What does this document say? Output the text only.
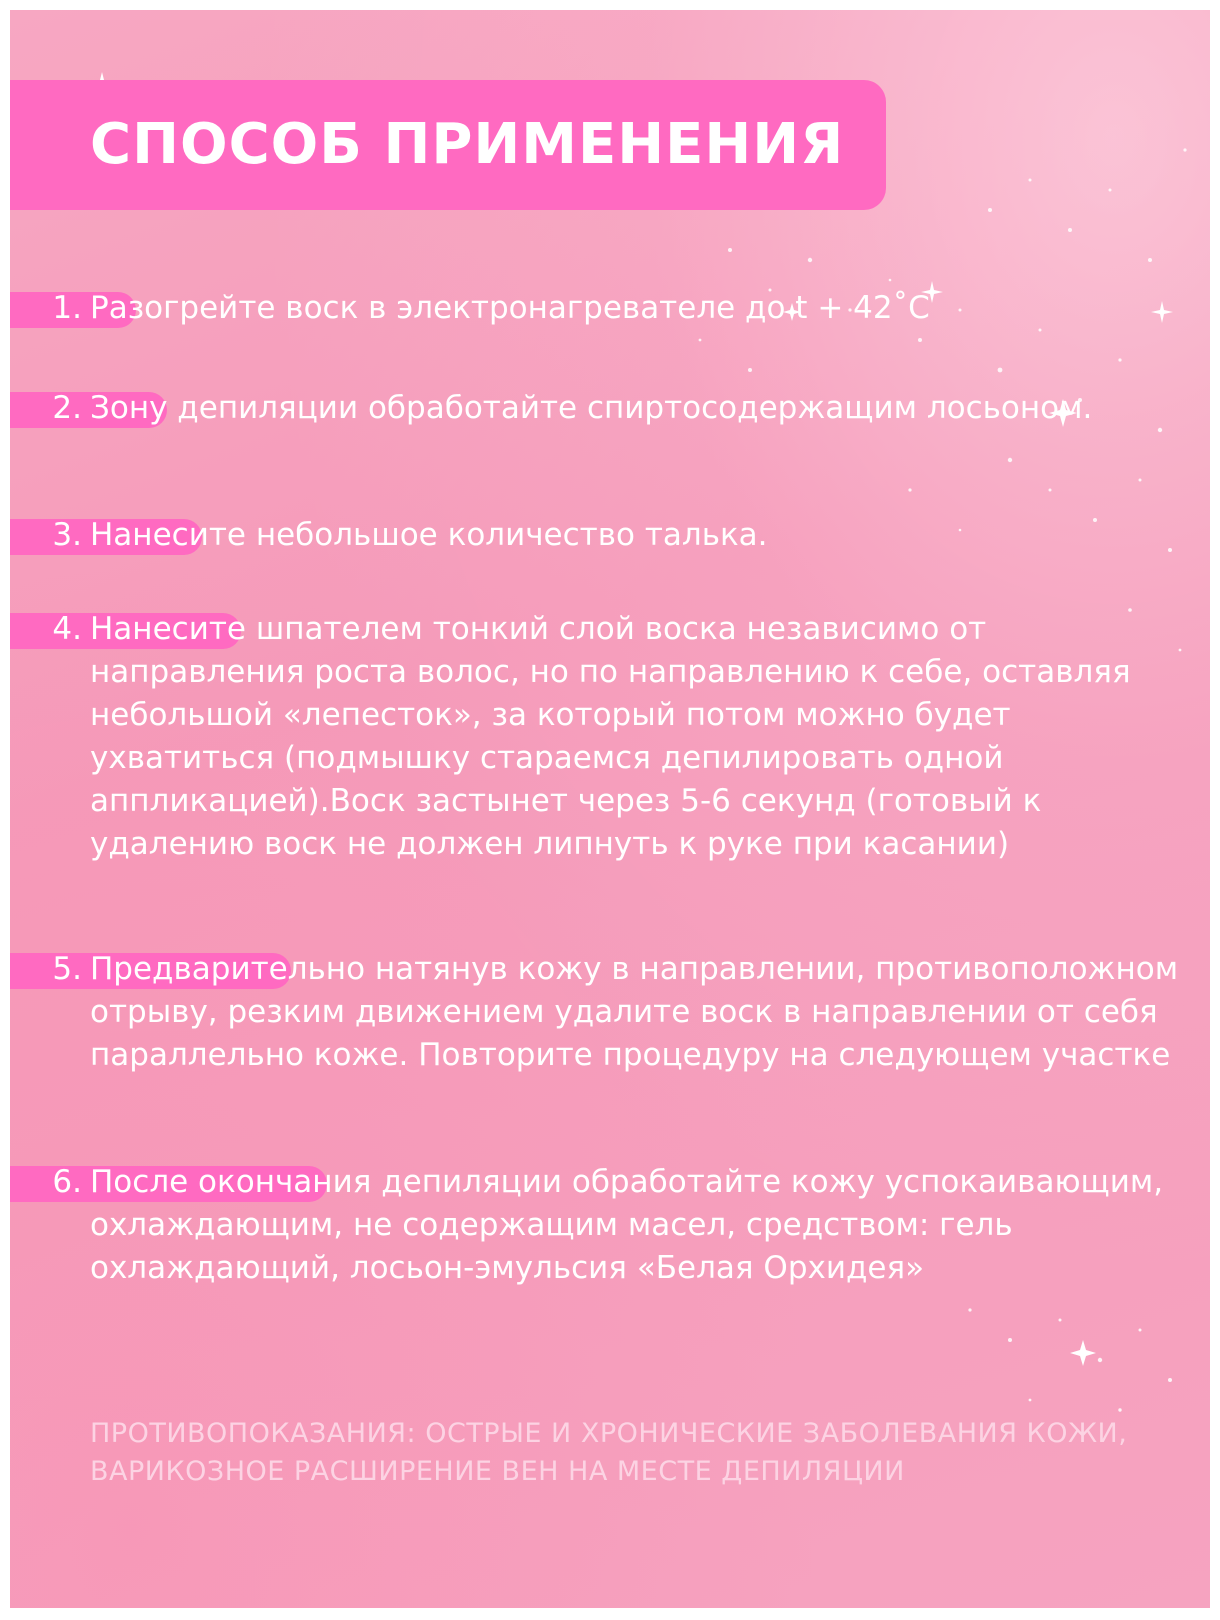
СПОСОБ ПРИМЕНЕНИЯ
1. Разогрейте воск в электронагревателе до t + 42˚С

2. Зону депиляции обработайте спиртосодержащим лосьоном.

3. Нанесите небольшое количество талька.

4. Нанесите шпателем тонкий слой воска независимо от направления роста волос, но по направлению к себе, оставляя небольшой «лепесток», за который потом можно будет ухватиться (подмышку стараемся депилировать одной аппликацией).Воск застынет через 5-6 секунд (готовый к удалению воск не должен липнуть к руке при касании)

5. Предварительно натянув кожу в направлении, противоположном отрыву, резким движением удалите воск в направлении от себя параллельно коже. Повторите процедуру на следующем участке

6. После окончания депиляции обработайте кожу успокаивающим, охлаждающим, не содержащим масел, средством: гель охлаждающий, лосьон-эмульсия «Белая Орхидея»

ПРОТИВОПОКАЗАНИЯ: ОСТРЫЕ И ХРОНИЧЕСКИЕ ЗАБОЛЕВАНИЯ КОЖИ, ВАРИКОЗНОЕ РАСШИРЕНИЕ ВЕН НА МЕСТЕ ДЕПИЛЯЦИИ
